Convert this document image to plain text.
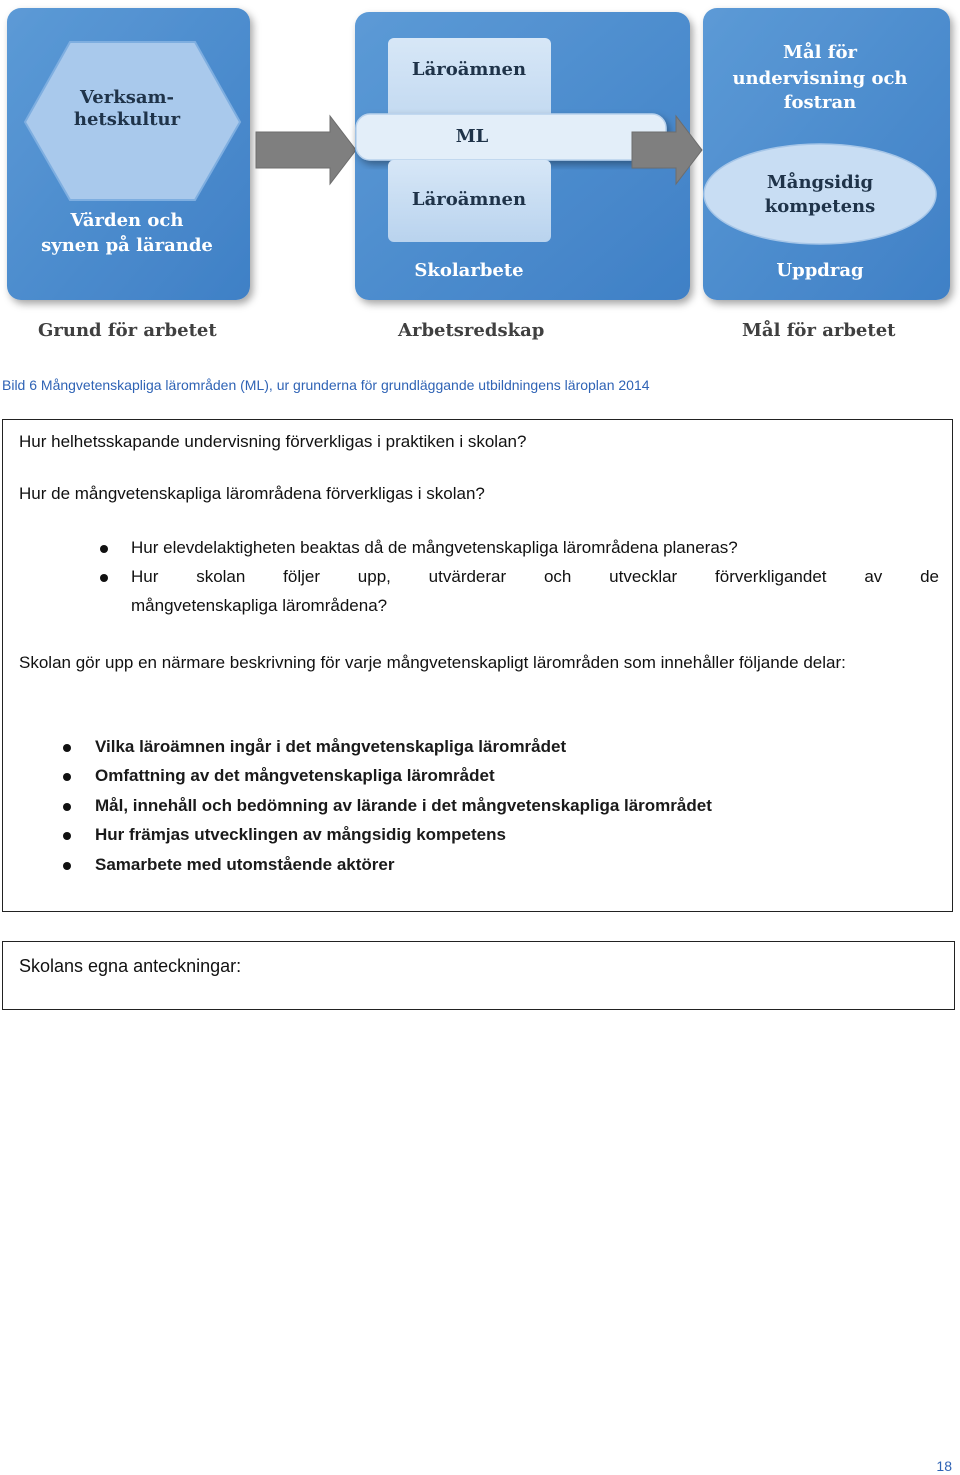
Verksam-
hetskultur
Värden och
synen på lärande
Läroämnen
ML
Läroämnen
Skolarbete
Mål för
undervisning och
fostran
Mångsidig
kompetens
Uppdrag
Grund för arbetet	Arbetsredskap	Mål för arbetet
Bild 6 Mångvetenskapliga lärområden (ML), ur grunderna för grundläggande utbildningens läroplan 2014
Hur helhetsskapande undervisning förverkligas i praktiken i skolan?
Hur de mångvetenskapliga lärområdena förverkligas i skolan?
Hur elevdelaktigheten beaktas då de mångvetenskapliga lärområdena planeras?
Hur skolan följer upp, utvärderar och utvecklar förverkligandet av de
mångvetenskapliga lärområdena?
Skolan gör upp en närmare beskrivning för varje mångvetenskapligt lärområden som innehåller följande delar:
Vilka läroämnen ingår i det mångvetenskapliga lärområdet
Omfattning av det mångvetenskapliga lärområdet
Mål, innehåll och bedömning av lärande i det mångvetenskapliga lärområdet
Hur främjas utvecklingen av mångsidig kompetens
Samarbete med utomstående aktörer
Skolans egna anteckningar:
18
